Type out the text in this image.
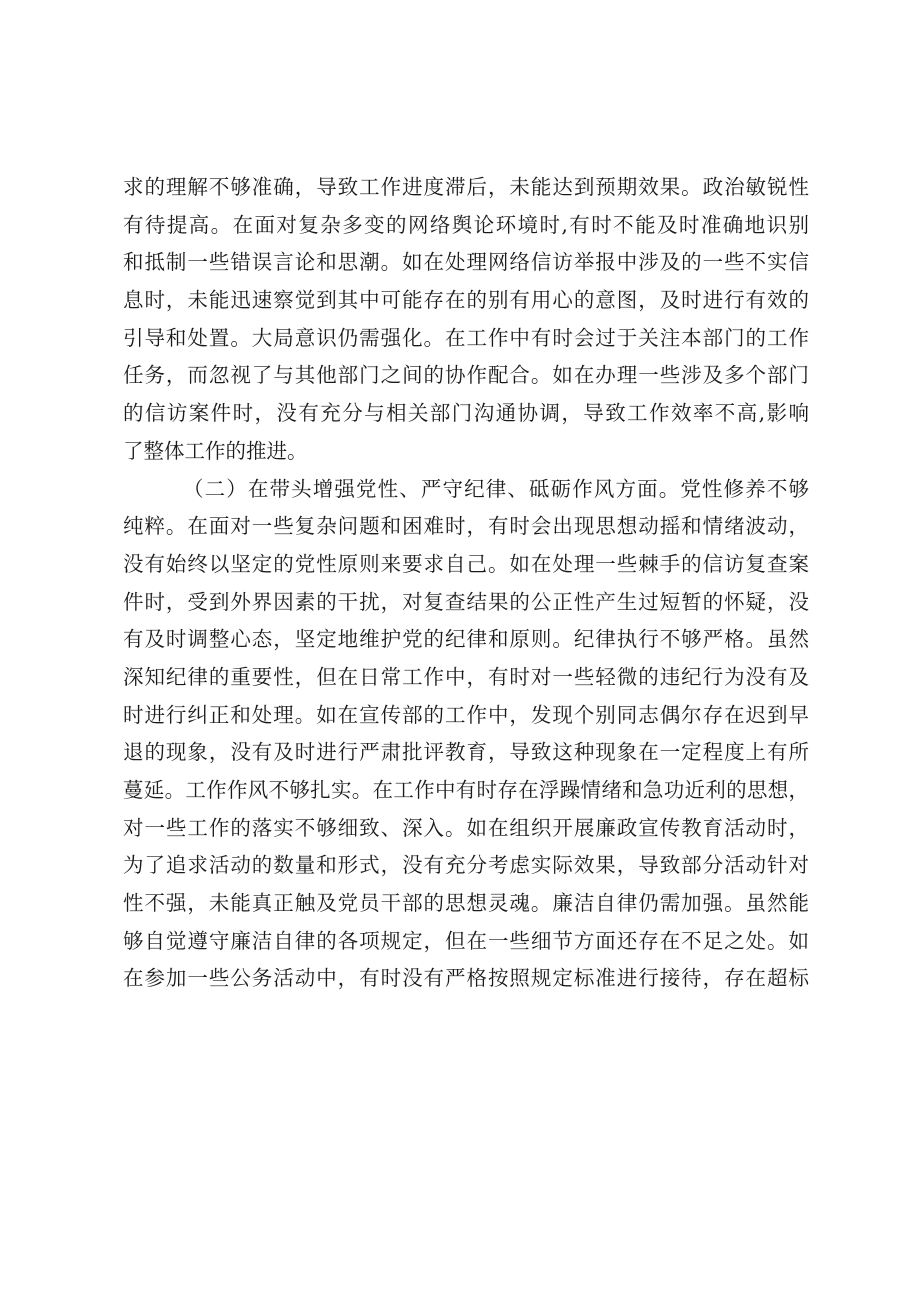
求的理解不够准确，导致工作进度滞后，未能达到预期效果。政治敏锐性
有待提高。在面对复杂多变的网络舆论环境时,有时不能及时准确地识别
和抵制一些错误言论和思潮。如在处理网络信访举报中涉及的一些不实信
息时，未能迅速察觉到其中可能存在的别有用心的意图，及时进行有效的
引导和处置。大局意识仍需强化。在工作中有时会过于关注本部门的工作
任务，而忽视了与其他部门之间的协作配合。如在办理一些涉及多个部门
的信访案件时，没有充分与相关部门沟通协调，导致工作效率不高,影响
了整体工作的推进。
（二）在带头增强党性、严守纪律、砥砺作风方面。党性修养不够
纯粹。在面对一些复杂问题和困难时，有时会出现思想动摇和情绪波动，
没有始终以坚定的党性原则来要求自己。如在处理一些棘手的信访复查案
件时，受到外界因素的干扰，对复查结果的公正性产生过短暂的怀疑，没
有及时调整心态，坚定地维护党的纪律和原则。纪律执行不够严格。虽然
深知纪律的重要性，但在日常工作中，有时对一些轻微的违纪行为没有及
时进行纠正和处理。如在宣传部的工作中，发现个别同志偶尔存在迟到早
退的现象，没有及时进行严肃批评教育，导致这种现象在一定程度上有所
蔓延。工作作风不够扎实。在工作中有时存在浮躁情绪和急功近利的思想，
对一些工作的落实不够细致、深入。如在组织开展廉政宣传教育活动时，
为了追求活动的数量和形式，没有充分考虑实际效果，导致部分活动针对
性不强，未能真正触及党员干部的思想灵魂。廉洁自律仍需加强。虽然能
够自觉遵守廉洁自律的各项规定，但在一些细节方面还存在不足之处。如
在参加一些公务活动中，有时没有严格按照规定标准进行接待，存在超标
